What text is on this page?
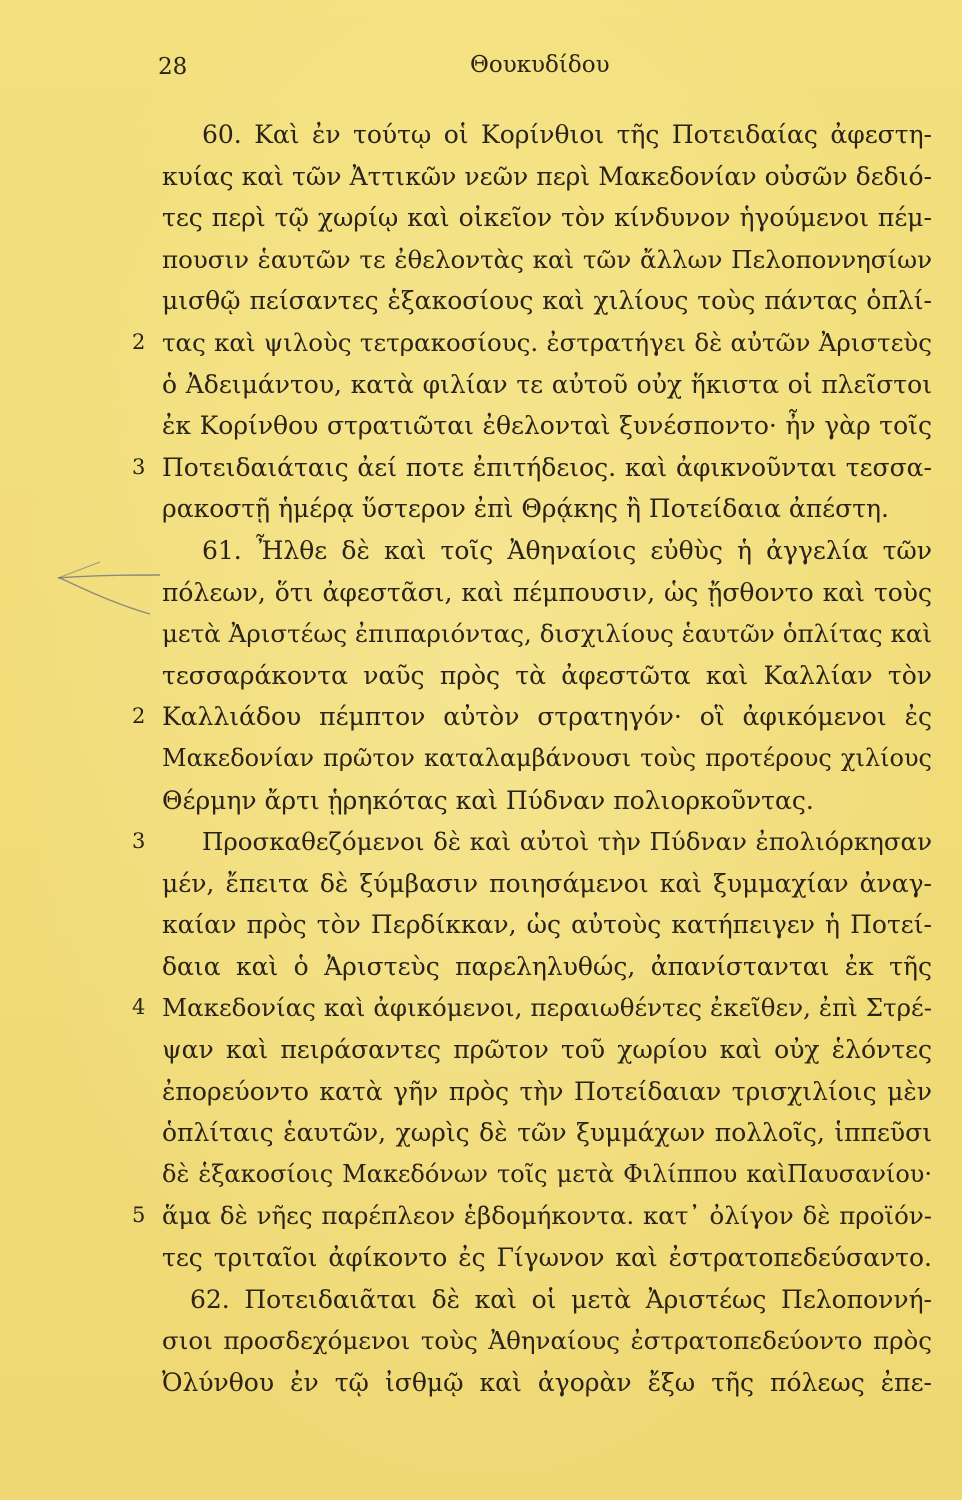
28	Θουκυδίδου
60. Καὶ ἐν τούτῳ οἱ Κορίνθιοι τῆς Ποτειδαίας ἀφεστη-
κυίας καὶ τῶν Ἀττικῶν νεῶν περὶ Μακεδονίαν οὐσῶν δεδιό-
τες περὶ τῷ χωρίῳ καὶ οἰκεῖον τὸν κίνδυνον ἡγούμενοι πέμ-
πουσιν ἑαυτῶν τε ἐθελοντὰς καὶ τῶν ἄλλων Πελοποννησίων
μισθῷ πείσαντες ἑξακοσίους καὶ χιλίους τοὺς πάντας ὁπλί-
2 τας καὶ ψιλοὺς τετρακοσίους. ἐστρατήγει δὲ αὐτῶν Ἀριστεὺς
ὁ Ἀδειμάντου, κατὰ φιλίαν τε αὐτοῦ οὐχ ἥκιστα οἱ πλεῖστοι
ἐκ Κορίνθου στρατιῶται ἐθελονταὶ ξυνέσποντο· ἦν γὰρ τοῖς
3 Ποτειδαιάταις ἀεί ποτε ἐπιτήδειος. καὶ ἀφικνοῦνται τεσσα-
ρακοστῇ ἡμέρᾳ ὕστερον ἐπὶ Θρᾴκης ἢ Ποτείδαια ἀπέστη.
61. Ἦλθε δὲ καὶ τοῖς Ἀθηναίοις εὐθὺς ἡ ἀγγελία τῶν
πόλεων, ὅτι ἀφεστᾶσι, καὶ πέμπουσιν, ὡς ᾔσθοντο καὶ τοὺς
μετὰ Ἀριστέως ἐπιπαριόντας, δισχιλίους ἑαυτῶν ὁπλίτας καὶ
τεσσαράκοντα ναῦς πρὸς τὰ ἀφεστῶτα καὶ Καλλίαν τὸν
2 Καλλιάδου πέμπτον αὐτὸν στρατηγόν· οἳ ἀφικόμενοι ἐς
Μακεδονίαν πρῶτον καταλαμβάνουσι τοὺς προτέρους χιλίους
Θέρμην ἄρτι ᾑρηκότας καὶ Πύδναν πολιορκοῦντας.
3	Προσκαθεζόμενοι δὲ καὶ αὐτοὶ τὴν Πύδναν ἐπολιόρκησαν
μέν, ἔπειτα δὲ ξύμβασιν ποιησάμενοι καὶ ξυμμαχίαν ἀναγ-
καίαν πρὸς τὸν Περδίκκαν, ὡς αὐτοὺς κατήπειγεν ἡ Ποτεί-
δαια καὶ ὁ Ἀριστεὺς παρεληλυθώς, ἀπανίστανται ἐκ τῆς
4 Μακεδονίας καὶ ἀφικόμενοι, περαιωθέντες ἐκεῖθεν, ἐπὶ Στρέ-
ψαν καὶ πειράσαντες πρῶτον τοῦ χωρίου καὶ οὐχ ἑλόντες
ἐπορεύοντο κατὰ γῆν πρὸς τὴν Ποτείδαιαν τρισχιλίοις μὲν
ὁπλίταις ἑαυτῶν, χωρὶς δὲ τῶν ξυμμάχων πολλοῖς, ἱππεῦσι
δὲ ἑξακοσίοις Μακεδόνων τοῖς μετὰ Φιλίππου καὶΠαυσανίου·
5 ἅμα δὲ νῆες παρέπλεον ἑβδομήκοντα. κατ᾽ ὀλίγον δὲ προϊόν-
τες τριταῖοι ἀφίκοντο ἐς Γίγωνον καὶ ἐστρατοπεδεύσαντο.
62. Ποτειδαιᾶται δὲ καὶ οἱ μετὰ Ἀριστέως Πελοποννή-
σιοι προσδεχόμενοι τοὺς Ἀθηναίους ἐστρατοπεδεύοντο πρὸς
Ὀλύνθου ἐν τῷ ἰσθμῷ καὶ ἀγορὰν ἔξω τῆς πόλεως ἐπε-
